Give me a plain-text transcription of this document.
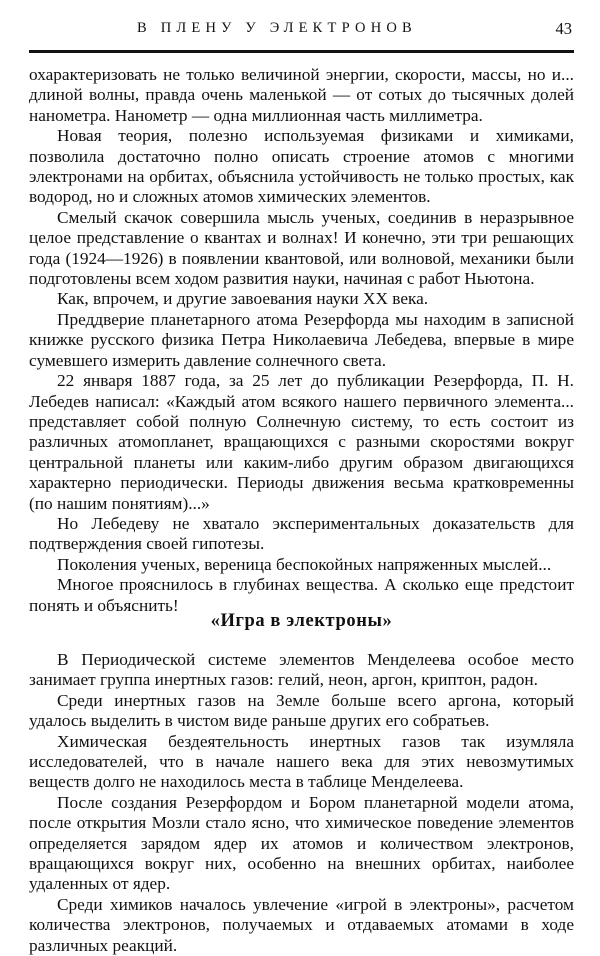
В ПЛЕНУ У ЭЛЕКТРОНОВ	43

охарактеризовать не только величиной энергии, скорости, массы, но и... длиной волны, правда очень маленькой — от сотых до тысячных долей нанометра. Нанометр — одна миллионная часть миллиметра.

Новая теория, полезно используемая физиками и химиками, позволила достаточно полно описать строение атомов с многими электронами на орбитах, объяснила устойчивость не только простых, как водород, но и сложных атомов химических элементов.

Смелый скачок совершила мысль ученых, соединив в неразрывное целое представление о квантах и волнах! И конечно, эти три решающих года (1924—1926) в появлении квантовой, или волновой, механики были подготовлены всем ходом развития науки, начиная с работ Ньютона.

Как, впрочем, и другие завоевания науки XX века.

Преддверие планетарного атома Резерфорда мы находим в записной книжке русского физика Петра Николаевича Лебедева, впервые в мире сумевшего измерить давление солнечного света.

22 января 1887 года, за 25 лет до публикации Резерфорда, П. Н. Лебедев написал: «Каждый атом всякого нашего первичного элемента... представляет собой полную Солнечную систему, то есть состоит из различных атомопланет, вращающихся с разными скоростями вокруг центральной планеты или каким-либо другим образом двигающихся характерно периодически. Периоды движения весьма кратковременны (по нашим понятиям)...»

Но Лебедеву не хватало экспериментальных доказательств для подтверждения своей гипотезы.

Поколения ученых, вереница беспокойных напряженных мыслей...

Многое прояснилось в глубинах вещества. А сколько еще предстоит понять и объяснить!

«Игра в электроны»

В Периодической системе элементов Менделеева особое место занимает группа инертных газов: гелий, неон, аргон, криптон, радон.

Среди инертных газов на Земле больше всего аргона, который удалось выделить в чистом виде раньше других его собратьев.

Химическая бездеятельность инертных газов так изумляла исследователей, что в начале нашего века для этих невозмутимых веществ долго не находилось места в таблице Менделеева.

После создания Резерфордом и Бором планетарной модели атома, после открытия Мозли стало ясно, что химическое поведение элементов определяется зарядом ядер их атомов и количеством электронов, вращающихся вокруг них, особенно на внешних орбитах, наиболее удаленных от ядер.

Среди химиков началось увлечение «игрой в электроны», расчетом количества электронов, получаемых и отдаваемых атомами в ходе различных реакций.
